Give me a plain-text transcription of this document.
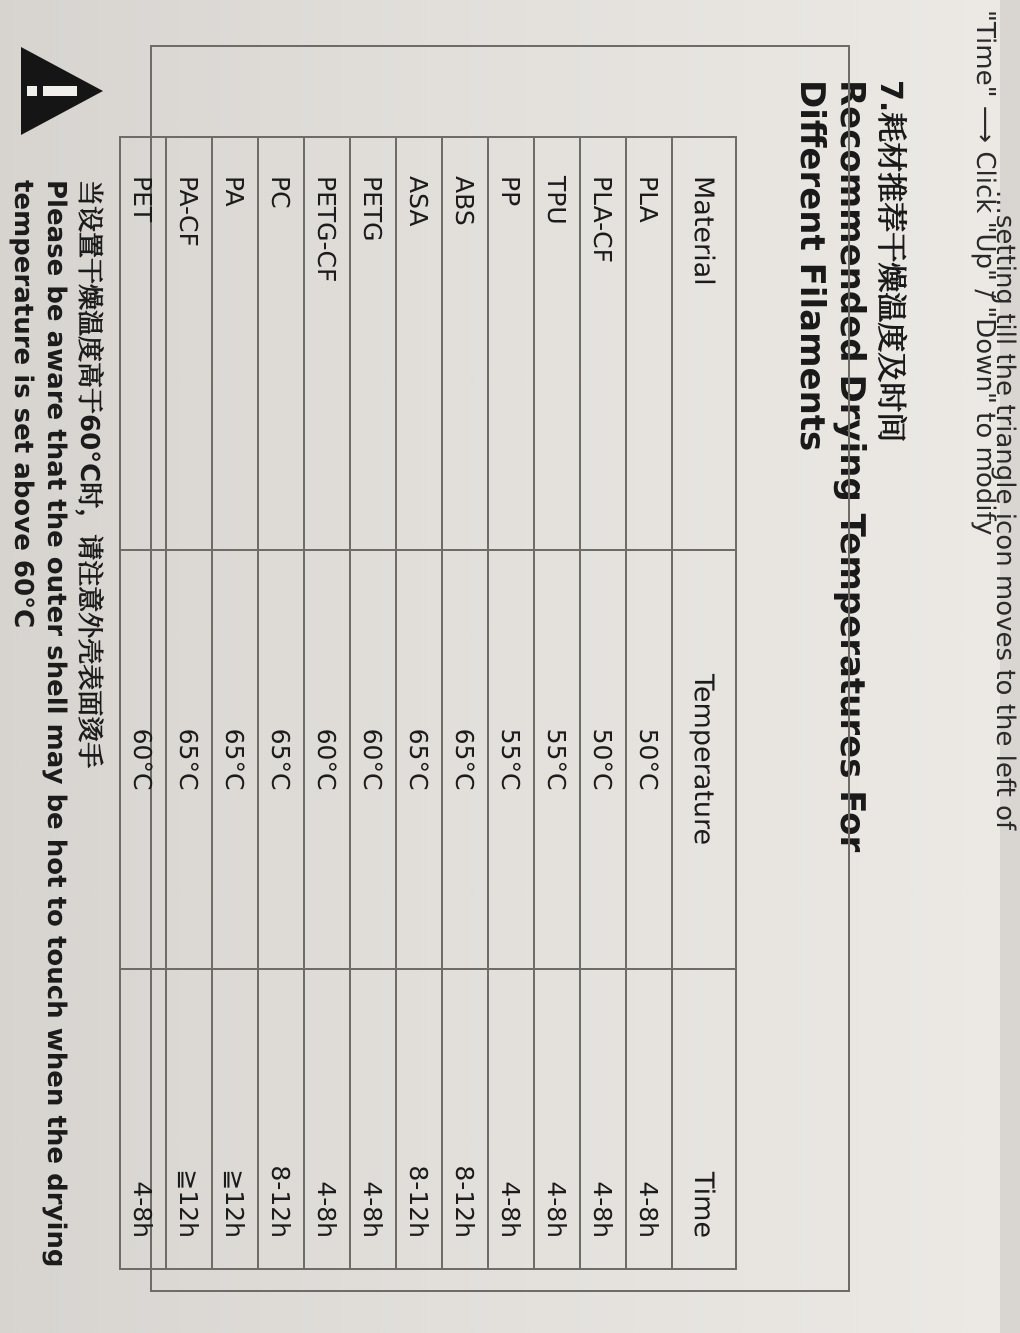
...setting till the triangle icon moves to the left of
"Time" ⟶ Click "Up" / "Down" to modify
7.耗材推荐干燥温度及时间
Recommended Drying Temperatures For Different Filaments
Material	Temperature	Time
PLA	50°C	4-8h
PLA-CF	50°C	4-8h
TPU	55°C	4-8h
PP	55°C	4-8h
ABS	65°C	8-12h
ASA	65°C	8-12h
PETG	60°C	4-8h
PETG-CF	60°C	4-8h
PC	65°C	8-12h
PA	65°C	≧12h
PA-CF	65°C	≧12h
PET	60°C	4-8h
当设置干燥温度高于60°C时，请注意外壳表面烫手
Please be aware that the outer shell may be hot to touch when the drying temperature is set above 60°C
